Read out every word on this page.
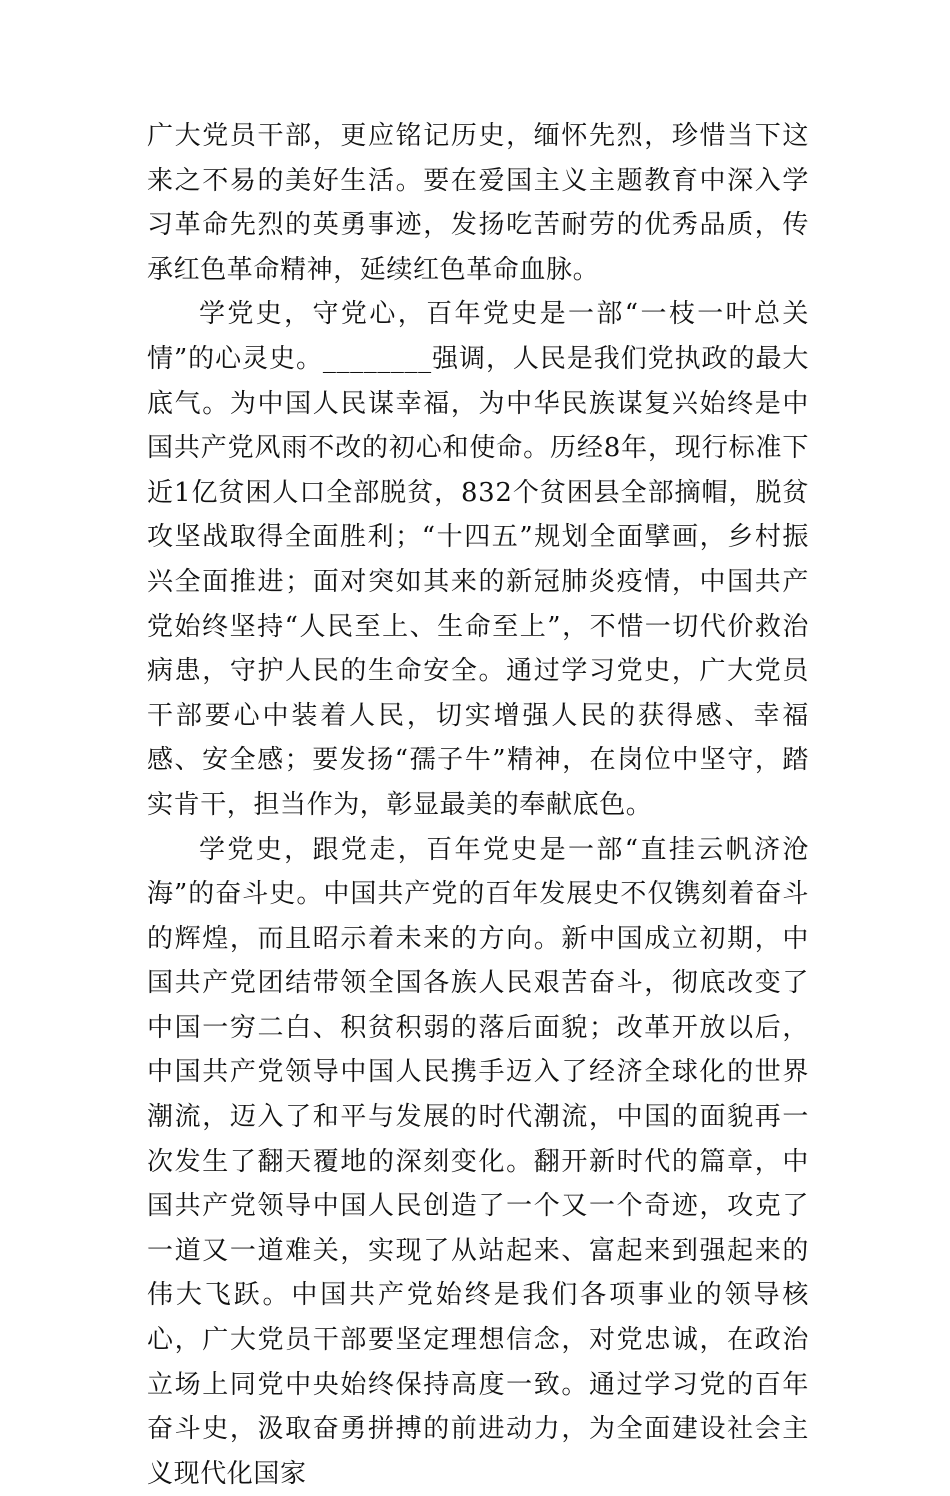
广大党员干部，更应铭记历史，缅怀先烈，珍惜当下这来之不易的美好生活。要在爱国主义主题教育中深入学习革命先烈的英勇事迹，发扬吃苦耐劳的优秀品质，传承红色革命精神，延续红色革命血脉。

学党史，守党心，百年党史是一部“一枝一叶总关情”的心灵史。________强调，人民是我们党执政的最大底气。为中国人民谋幸福，为中华民族谋复兴始终是中国共产党风雨不改的初心和使命。历经8年，现行标准下近1亿贫困人口全部脱贫，832个贫困县全部摘帽，脱贫攻坚战取得全面胜利；“十四五”规划全面擘画，乡村振兴全面推进；面对突如其来的新冠肺炎疫情，中国共产党始终坚持“人民至上、生命至上”，不惜一切代价救治病患，守护人民的生命安全。通过学习党史，广大党员干部要心中装着人民，切实增强人民的获得感、幸福感、安全感；要发扬“孺子牛”精神，在岗位中坚守，踏实肯干，担当作为，彰显最美的奉献底色。

学党史，跟党走，百年党史是一部“直挂云帆济沧海”的奋斗史。中国共产党的百年发展史不仅镌刻着奋斗的辉煌，而且昭示着未来的方向。新中国成立初期，中国共产党团结带领全国各族人民艰苦奋斗，彻底改变了中国一穷二白、积贫积弱的落后面貌；改革开放以后，中国共产党领导中国人民携手迈入了经济全球化的世界潮流，迈入了和平与发展的时代潮流，中国的面貌再一次发生了翻天覆地的深刻变化。翻开新时代的篇章，中国共产党领导中国人民创造了一个又一个奇迹，攻克了一道又一道难关，实现了从站起来、富起来到强起来的伟大飞跃。中国共产党始终是我们各项事业的领导核心，广大党员干部要坚定理想信念，对党忠诚，在政治立场上同党中央始终保持高度一致。通过学习党的百年奋斗史，汲取奋勇拼搏的前进动力，为全面建设社会主义现代化国家
